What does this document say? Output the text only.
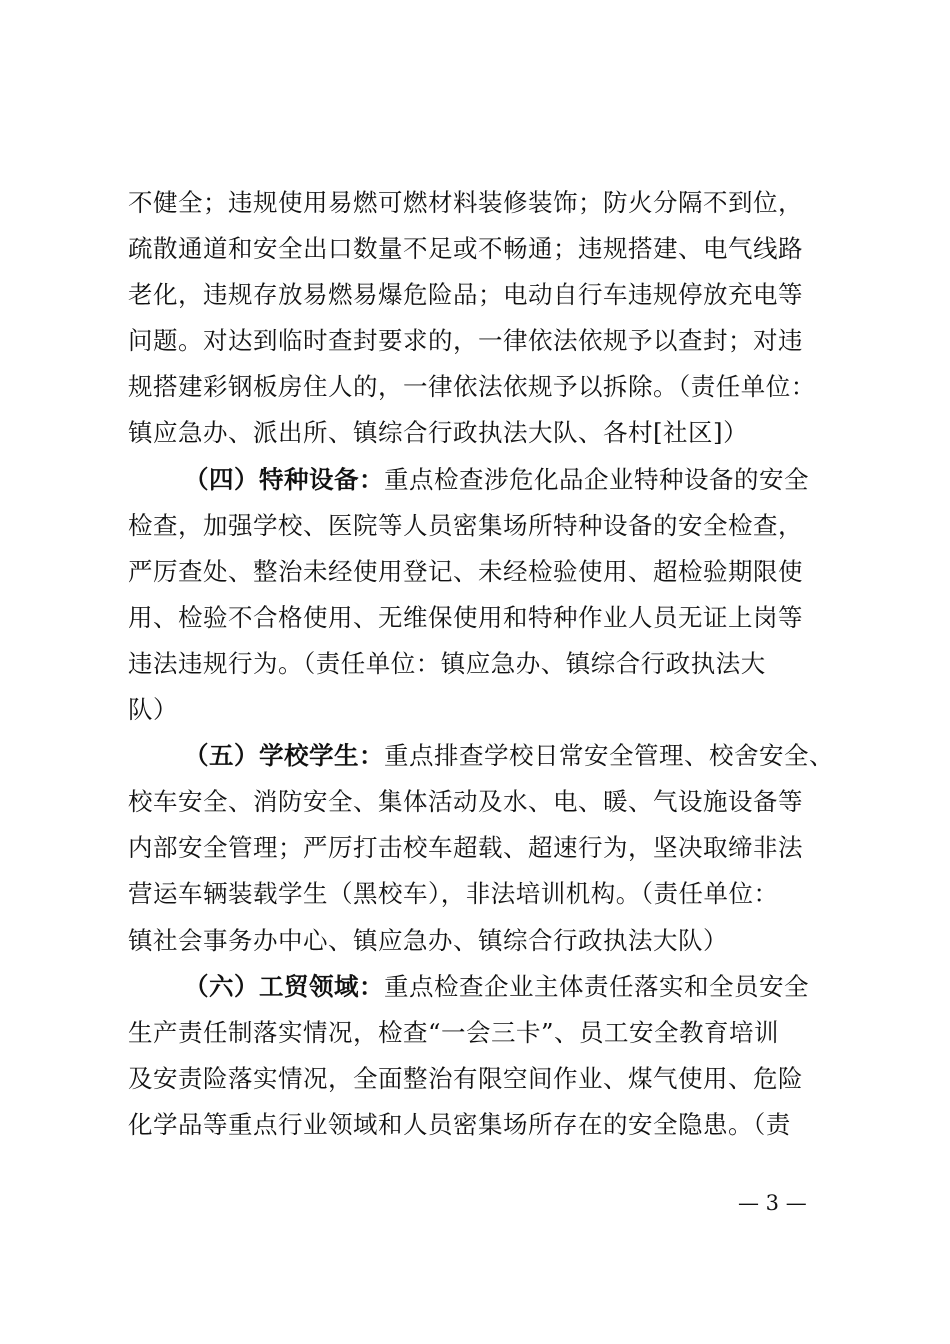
不健全；违规使用易燃可燃材料装修装饰；防火分隔不到位，
疏散通道和安全出口数量不足或不畅通；违规搭建、电气线路
老化，违规存放易燃易爆危险品；电动自行车违规停放充电等
问题。对达到临时查封要求的，一律依法依规予以查封；对违
规搭建彩钢板房住人的，一律依法依规予以拆除。（责任单位：
镇应急办、派出所、镇综合行政执法大队、各村[社区]）
（四）特种设备：重点检查涉危化品企业特种设备的安全
检查，加强学校、医院等人员密集场所特种设备的安全检查，
严厉查处、整治未经使用登记、未经检验使用、超检验期限使
用、检验不合格使用、无维保使用和特种作业人员无证上岗等
违法违规行为。（责任单位：镇应急办、镇综合行政执法大
队）
（五）学校学生：重点排查学校日常安全管理、校舍安全、
校车安全、消防安全、集体活动及水、电、暖、气设施设备等
内部安全管理；严厉打击校车超载、超速行为，坚决取缔非法
营运车辆装载学生（黑校车），非法培训机构。（责任单位：
镇社会事务办中心、镇应急办、镇综合行政执法大队）
（六）工贸领域：重点检查企业主体责任落实和全员安全
生产责任制落实情况，检查“一会三卡”、员工安全教育培训
及安责险落实情况，全面整治有限空间作业、煤气使用、危险
化学品等重点行业领域和人员密集场所存在的安全隐患。（责
— 3 —
